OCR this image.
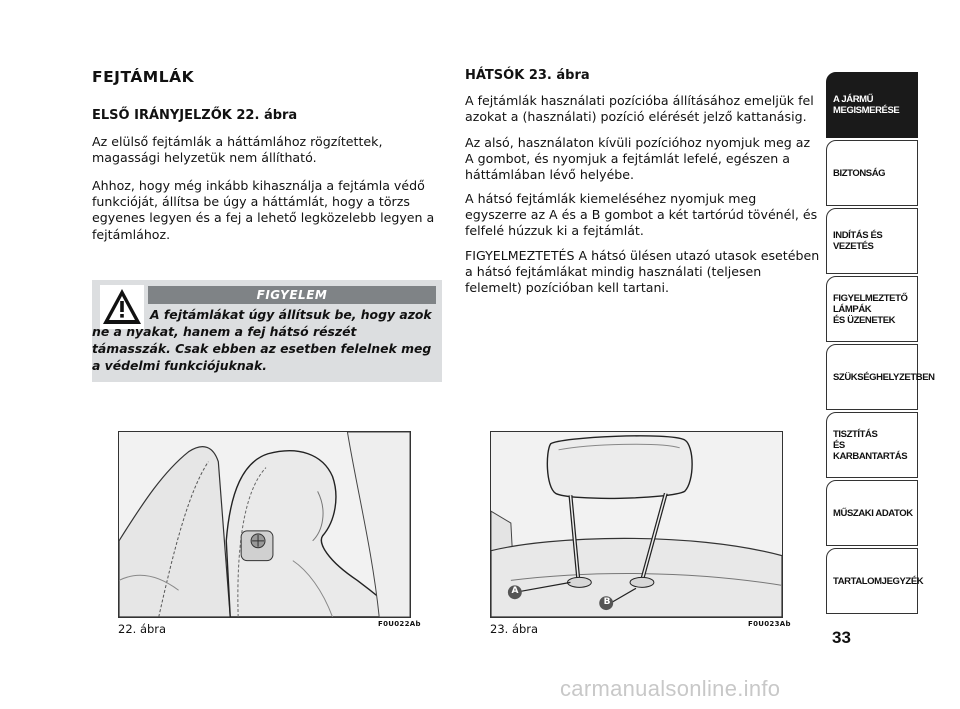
FEJTÁMLÁK
ELSŐ IRÁNYJELZŐK 22. ábra
Az elülső fejtámlák a háttámlához rögzítettek, magassági helyzetük nem állítható.
Ahhoz, hogy még inkább kihasználja a fejtámla védő funkcióját, állítsa be úgy a háttámlát, hogy a törzs egyenes legyen és a fej a lehető legközelebb legyen a fejtámlához.
FIGYELEM
A fejtámlákat úgy állítsuk be, hogy azok ne a nyakat, hanem a fej hátsó részét támasszák. Csak ebben az esetben felelnek meg a védelmi funkciójuknak.
HÁTSÓK 23. ábra
A fejtámlák használati pozícióba állításához emeljük fel azokat a (használati) pozíció elérését jelző kattanásig.
Az alsó, használaton kívüli pozícióhoz nyomjuk meg az A gombot, és nyomjuk a fejtámlát lefelé, egészen a háttámlában lévő helyébe.
A hátsó fejtámlák kiemeléséhez nyomjuk meg egyszerre az A és a B gombot a két tartórúd tövénél, és felfelé húzzuk ki a fejtámlát.
FIGYELMEZTETÉS A hátsó ülésen utazó utasok esetében a hátsó fejtámlákat mindig használati (teljesen felemelt) pozícióban kell tartani.
22. ábra	F0U022Ab
A
B
23. ábra	F0U023Ab
A JÁRMŰ
MEGISMERÉSE
BIZTONSÁG
INDÍTÁS ÉS VEZETÉS
FIGYELMEZTETŐ
LÁMPÁK
ÉS ÜZENETEK
SZÜKSÉGHELYZETBEN
TISZTÍTÁS
ÉS KARBANTARTÁS
MŰSZAKI ADATOK
TARTALOMJEGYZÉK
33
carmanualsonline.info
